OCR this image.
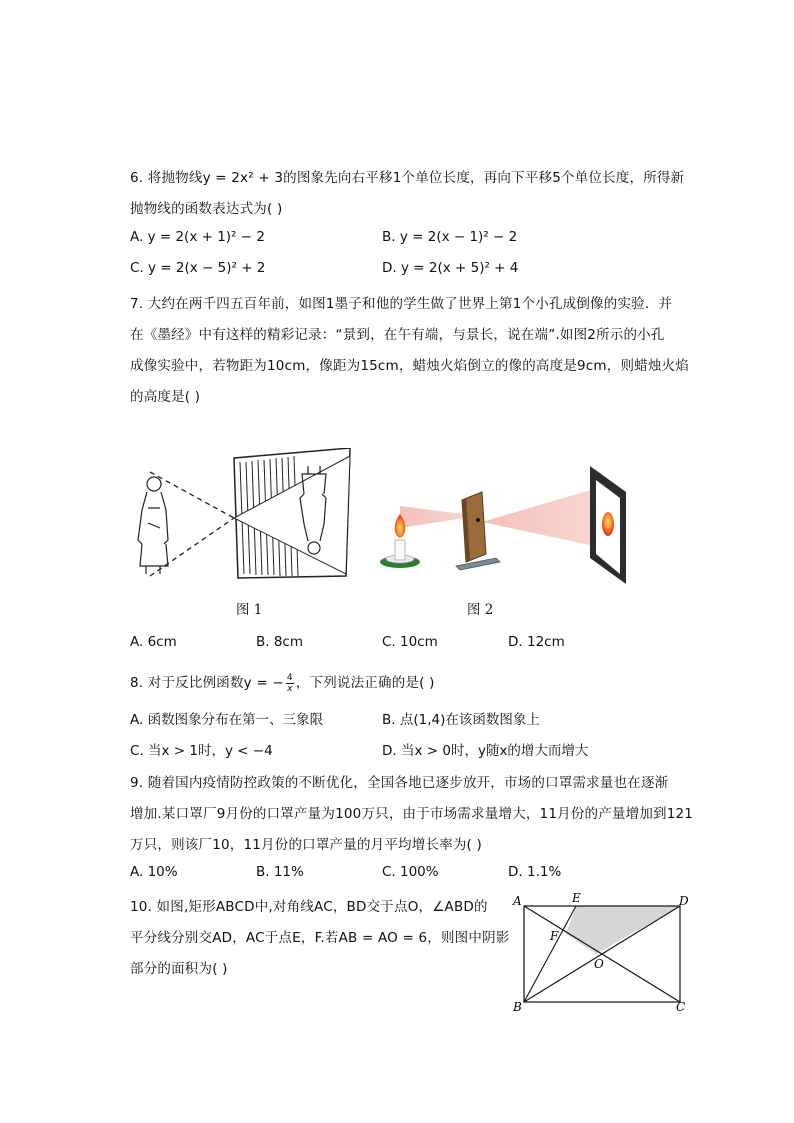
6. 将抛物线y = 2x² + 3的图象先向右平移1个单位长度，再向下平移5个单位长度，所得新
抛物线的函数表达式为( )
A. y = 2(x + 1)² − 2	B. y = 2(x − 1)² − 2
C. y = 2(x − 5)² + 2	D. y = 2(x + 5)² + 4
7. 大约在两千四五百年前，如图1墨子和他的学生做了世界上第1个小孔成倒像的实验．并
在《墨经》中有这样的精彩记录：“景到，在午有端，与景长，说在端”.如图2所示的小孔
成像实验中，若物距为10cm，像距为15cm，蜡烛火焰倒立的像的高度是9cm，则蜡烛火焰
的高度是( )
图 1	图 2
A. 6cm	B. 8cm	C. 10cm	D. 12cm
8. 对于反比例函数y = − $\frac{4}{x}$ ，下列说法正确的是( )
A. 函数图象分布在第一、三象限	B. 点(1,4)在该函数图象上
C. 当x > 1时，y < −4	D. 当x > 0时，y随x的增大而增大
9. 随着国内疫情防控政策的不断优化，全国各地已逐步放开，市场的口罩需求量也在逐渐
增加.某口罩厂9月份的口罩产量为100万只，由于市场需求量增大，11月份的产量增加到121
万只，则该厂10，11月份的口罩产量的月平均增长率为( )
A. 10%	B. 11%	C. 100%	D. 1.1%
10. 如图,矩形ABCD中,对角线AC，BD交于点O，∠ABD的
平分线分别交AD，AC于点E，F.若AB = AO = 6，则图中阴影
部分的面积为( )
A	E	D
F
O
B	C
